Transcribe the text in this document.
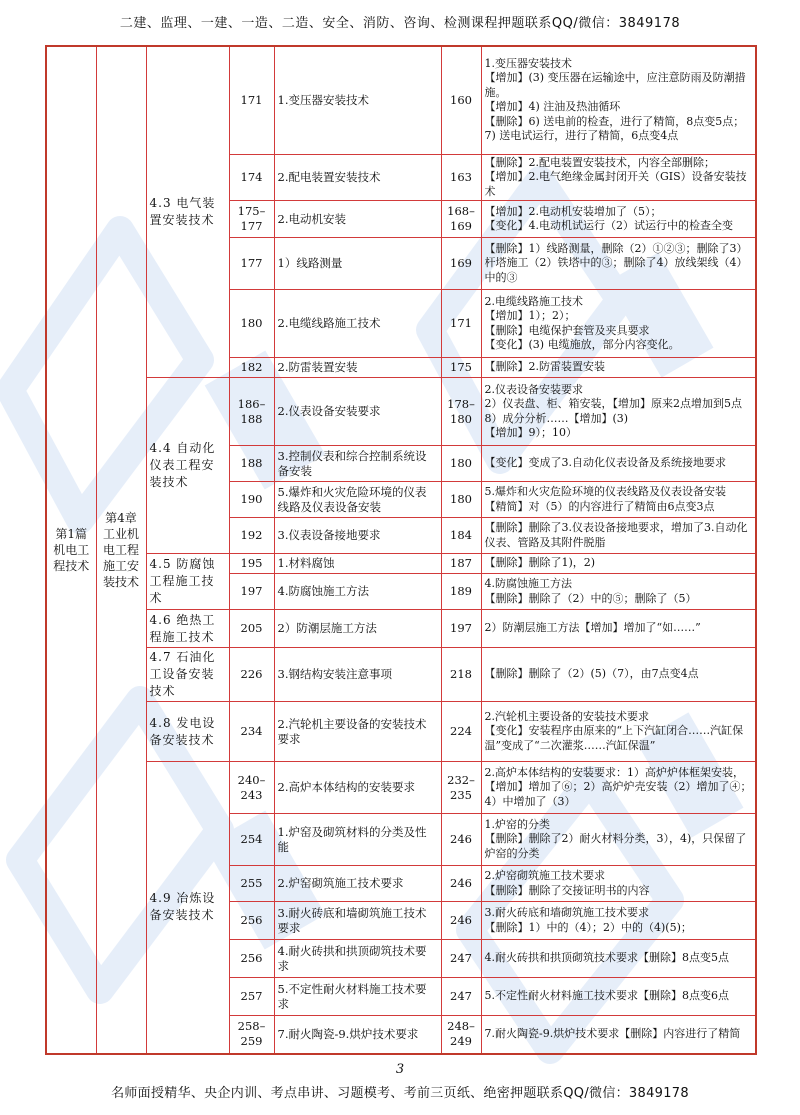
二建、监理、一建、一造、二造、安全、消防、咨询、检测课程押题联系QQ/微信：3849178
第1篇
机电工
程技术	第4章
工业机
电工程
施工安
装技术	4.3 电气装置安装技术	171	1.变压器安装技术	160	1.变压器安装技术
【增加】(3) 变压器在运输途中，应注意防雨及防潮措施。
【增加】4) 注油及热油循环
【删除】6) 送电前的检查，进行了精简，8点变5点；7) 送电试运行，进行了精简，6点变4点
			174	2.配电装置安装技术	163	【删除】2.配电装置安装技术，内容全部删除；
【增加】2.电气绝缘金属封闭开关（GIS）设备安装技术
			175–
177	2.电动机安装	168–
169	【增加】2.电动机安装增加了（5）；
【变化】4.电动机试运行（2）试运行中的检查全变
			177	1）线路测量	169	【删除】1）线路测量，删除（2）①②③；删除了3）杆塔施工（2）铁塔中的③；删除了4）放线架线（4）中的③
			180	2.电缆线路施工技术	171	2.电缆线路施工技术
【增加】1）；2）；
【删除】电缆保护套管及夹具要求
【变化】(3) 电缆施放，部分内容变化。
			182	2.防雷装置安装	175	【删除】2.防雷装置安装
		4.4 自动化仪表工程安装技术	186–
188	2.仪表设备安装要求	178–
180	2.仪表设备安装要求
2）仪表盘、柜、箱安装，【增加】原来2点增加到5点
8）成分分析……【增加】(3)
【增加】9）；10）
			188	3.控制仪表和综合控制系统设备安装	180	【变化】变成了3.自动化仪表设备及系统接地要求
			190	5.爆炸和火灾危险环境的仪表线路及仪表设备安装	180	5.爆炸和火灾危险环境的仪表线路及仪表设备安装
【精简】对（5）的内容进行了精简由6点变3点
			192	3.仪表设备接地要求	184	【删除】删除了3.仪表设备接地要求，增加了3.自动化仪表、管路及其附件脱脂
		4.5 防腐蚀工程施工技术	195	1.材料腐蚀	187	【删除】删除了1)，2)
			197	4.防腐蚀施工方法	189	4.防腐蚀施工方法
【删除】删除了（2）中的⑤；删除了（5）
		4.6 绝热工程施工技术	205	2）防潮层施工方法	197	2）防潮层施工方法【增加】增加了“如……”
		4.7 石油化工设备安装技术	226	3.钢结构安装注意事项	218	【删除】删除了（2）(5)（7），由7点变4点
		4.8 发电设备安装技术	234	2.汽轮机主要设备的安装技术要求	224	2.汽轮机主要设备的安装技术要求
【变化】安装程序由原来的“上下汽缸闭合……汽缸保温”变成了“二次灌浆……汽缸保温”
		4.9 冶炼设备安装技术	240–
243	2.高炉本体结构的安装要求	232–
235	2.高炉本体结构的安装要求：1）高炉炉体框架安装，【增加】增加了⑥；2）高炉炉壳安装（2）增加了④；4）中增加了（3）
			254	1.炉窑及砌筑材料的分类及性能	246	1.炉窑的分类
【删除】删除了2）耐火材料分类，3），4)，只保留了炉窑的分类
			255	2.炉窑砌筑施工技术要求	246	2.炉窑砌筑施工技术要求
【删除】删除了交接证明书的内容
			256	3.耐火砖底和墙砌筑施工技术要求	246	3.耐火砖底和墙砌筑施工技术要求
【删除】1）中的（4）；2）中的（4)(5)；
			256	4.耐火砖拱和拱顶砌筑技术要求	247	4.耐火砖拱和拱顶砌筑技术要求【删除】8点变5点
			257	5.不定性耐火材料施工技术要求	247	5.不定性耐火材料施工技术要求【删除】8点变6点
			258–
259	7.耐火陶瓷-9.烘炉技术要求	248–
249	7.耐火陶瓷-9.烘炉技术要求【删除】内容进行了精简
3
名师面授精华、央企内训、考点串讲、习题模考、考前三页纸、绝密押题联系QQ/微信：3849178
